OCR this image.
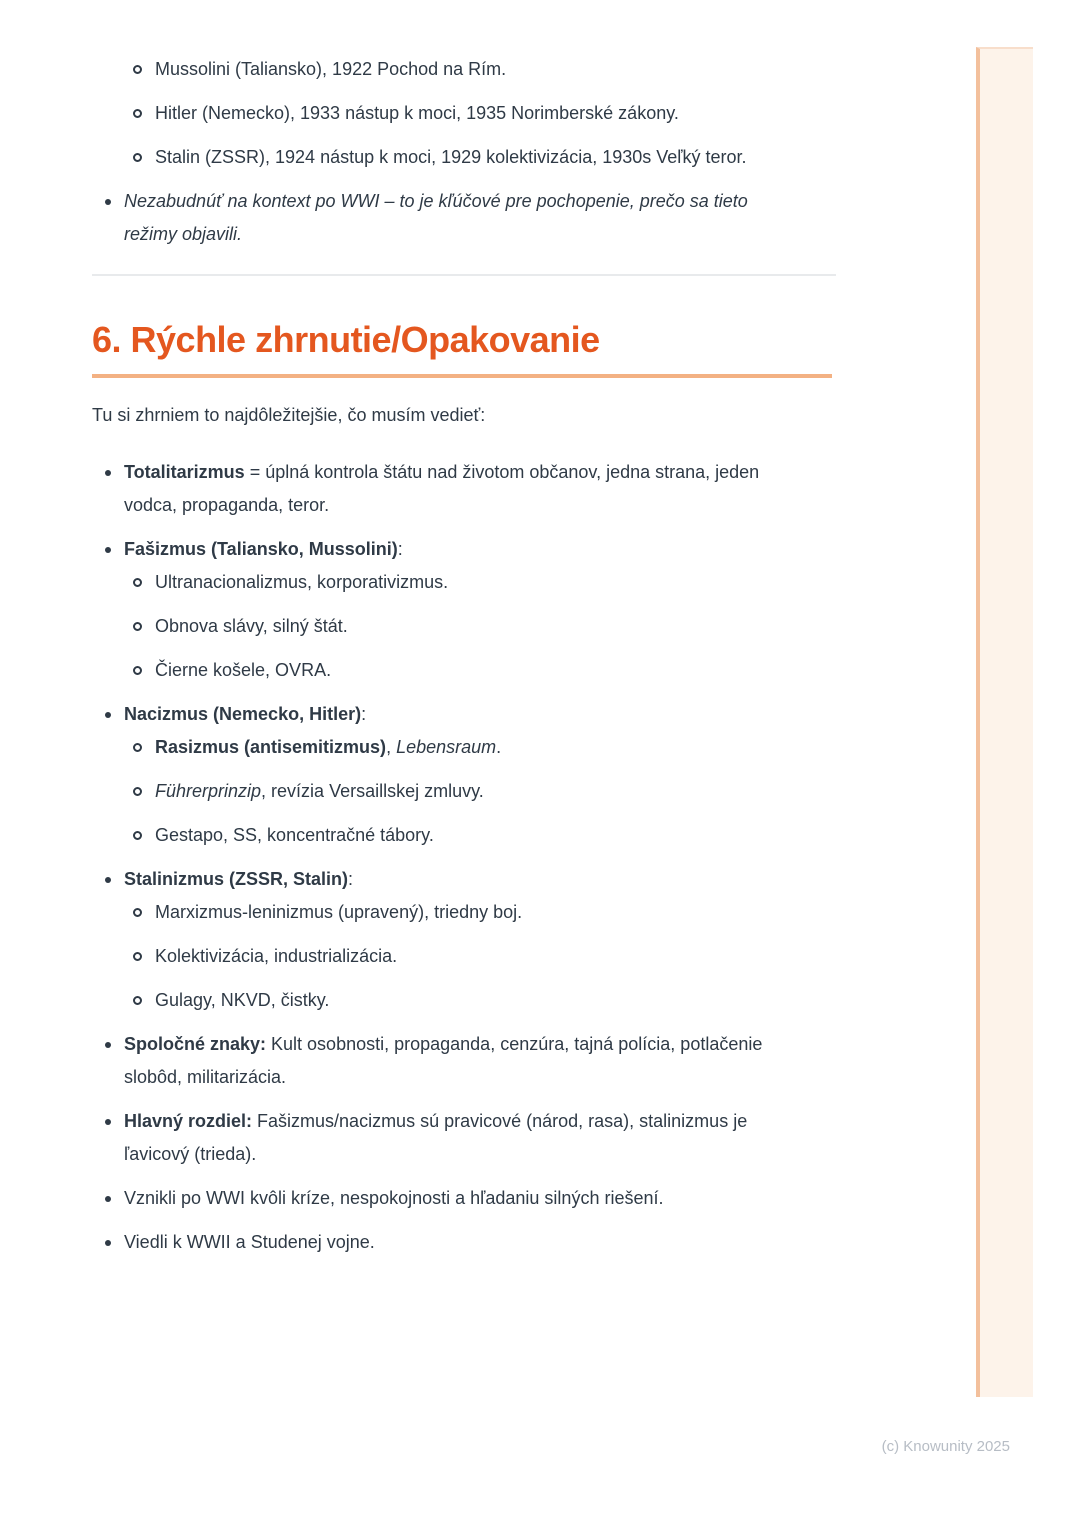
Mussolini (Taliansko), 1922 Pochod na Rím.
Hitler (Nemecko), 1933 nástup k moci, 1935 Norimberské zákony.
Stalin (ZSSR), 1924 nástup k moci, 1929 kolektivizácia, 1930s Veľký teror.
Nezabudnúť na kontext po WWI – to je kľúčové pre pochopenie, prečo sa tieto režimy objavili.
6. Rýchle zhrnutie/Opakovanie

Tu si zhrniem to najdôležitejšie, čo musím vedieť:

Totalitarizmus = úplná kontrola štátu nad životom občanov, jedna strana, jeden vodca, propaganda, teror.
Fašizmus (Taliansko, Mussolini):
Ultranacionalizmus, korporativizmus.
Obnova slávy, silný štát.
Čierne košele, OVRA.
Nacizmus (Nemecko, Hitler):
Rasizmus (antisemitizmus), Lebensraum.
Führerprinzip, revízia Versaillskej zmluvy.
Gestapo, SS, koncentračné tábory.
Stalinizmus (ZSSR, Stalin):
Marxizmus-leninizmus (upravený), triedny boj.
Kolektivizácia, industrializácia.
Gulagy, NKVD, čistky.
Spoločné znaky: Kult osobnosti, propaganda, cenzúra, tajná polícia, potlačenie slobôd, militarizácia.
Hlavný rozdiel: Fašizmus/nacizmus sú pravicové (národ, rasa), stalinizmus je ľavicový (trieda).
Vznikli po WWI kvôli kríze, nespokojnosti a hľadaniu silných riešení.
Viedli k WWII a Studenej vojne.
(c) Knowunity 2025
